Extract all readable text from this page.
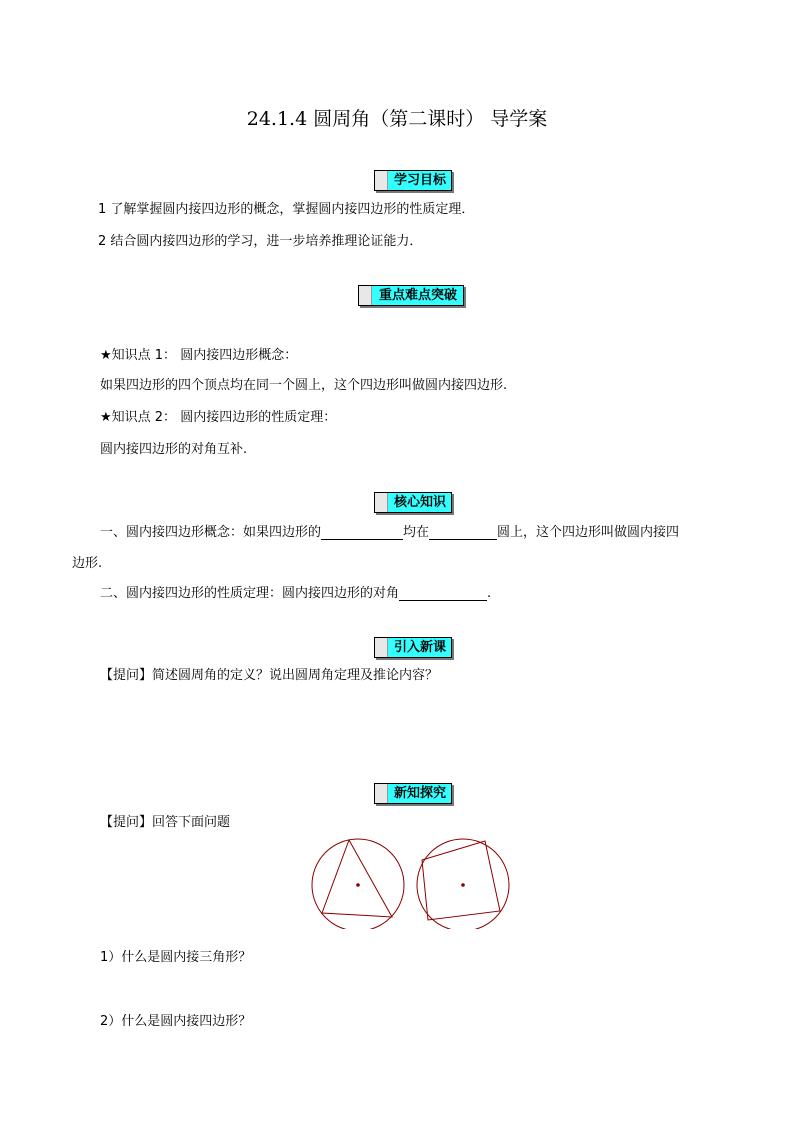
24.1.4 圆周角（第二课时） 导学案
学习目标
1 了解掌握圆内接四边形的概念，掌握圆内接四边形的性质定理．
2 结合圆内接四边形的学习，进一步培养推理论证能力．
重点难点突破
★知识点 1： 圆内接四边形概念：
如果四边形的四个顶点均在同一个圆上，这个四边形叫做圆内接四边形.
★知识点 2： 圆内接四边形的性质定理：
圆内接四边形的对角互补.
核心知识
一、圆内接四边形概念：如果四边形的	均在	圆上，这个四边形叫做圆内接四
边形.
二、圆内接四边形的性质定理：圆内接四边形的对角	.
引入新课
【提问】简述圆周角的定义？说出圆周角定理及推论内容？
新知探究
【提问】回答下面问题
1）什么是圆内接三角形？
2）什么是圆内接四边形？
